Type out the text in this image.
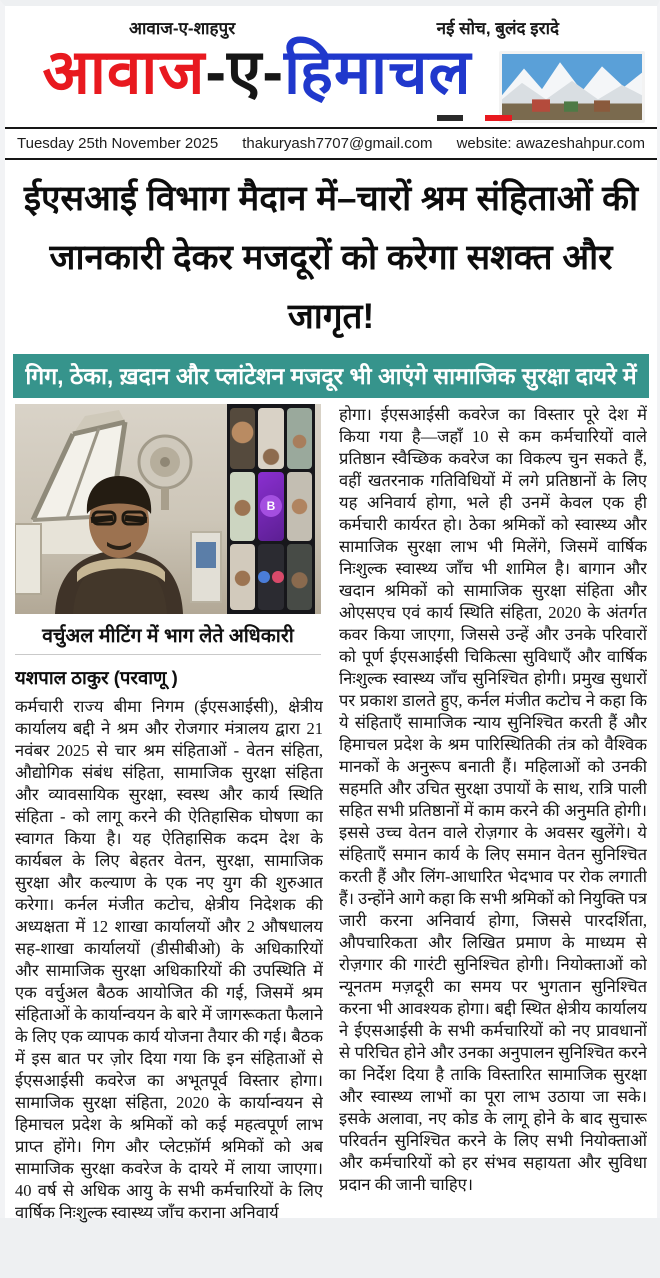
आवाज-ए-शाहपुर	नई सोच, बुलंद इरादे
आवाज-ए-हिमाचल
Tuesday 25th November 2025 thakuryash7707@gmail.com website: awazeshahpur.com
ईएसआई विभाग मैदान में–चारों श्रम संहिताओं की
जानकारी देकर मजदूरों को करेगा सशक्त और जागृत!
गिग, ठेका, ख़दान और प्लांटेशन मजदूर भी आएंगे सामाजिक सुरक्षा दायरे में
B
वर्चुअल मीटिंग में भाग लेते अधिकारी
यशपाल ठाकुर (परवाणू )

कर्मचारी राज्य बीमा निगम (ईएसआईसी), क्षेत्रीय कार्यालय बद्दी ने श्रम और रोजगार मंत्रालय द्वारा 21 नवंबर 2025 से चार श्रम संहिताओं - वेतन संहिता, औद्योगिक संबंध संहिता, सामाजिक सुरक्षा संहिता और व्यावसायिक सुरक्षा, स्वस्थ और कार्य स्थिति संहिता - को लागू करने की ऐतिहासिक घोषणा का स्वागत किया है। यह ऐतिहासिक कदम देश के कार्यबल के लिए बेहतर वेतन, सुरक्षा, सामाजिक सुरक्षा और कल्याण के एक नए युग की शुरुआत करेगा। कर्नल मंजीत कटोच, क्षेत्रीय निदेशक की अध्यक्षता में 12 शाखा कार्यालयों और 2 औषधालय सह-शाखा कार्यालयों (डीसीबीओ) के अधिकारियों और सामाजिक सुरक्षा अधिकारियों की उपस्थिति में एक वर्चुअल बैठक आयोजित की गई, जिसमें श्रम संहिताओं के कार्यान्वयन के बारे में जागरूकता फैलाने के लिए एक व्यापक कार्य योजना तैयार की गई। बैठक में इस बात पर ज़ोर दिया गया कि इन संहिताओं से ईएसआईसी कवरेज का अभूतपूर्व विस्तार होगा। सामाजिक सुरक्षा संहिता, 2020 के कार्यान्वयन से हिमाचल प्रदेश के श्रमिकों को कई महत्वपूर्ण लाभ प्राप्त होंगे। गिग और प्लेटफ़ॉर्म श्रमिकों को अब सामाजिक सुरक्षा कवरेज के दायरे में लाया जाएगा। 40 वर्ष से अधिक आयु के सभी कर्मचारियों के लिए वार्षिक निःशुल्क स्वास्थ्य जाँच कराना अनिवार्य

होगा। ईएसआईसी कवरेज का विस्तार पूरे देश में किया गया है—जहाँ 10 से कम कर्मचारियों वाले प्रतिष्ठान स्वैच्छिक कवरेज का विकल्प चुन सकते हैं, वहीं खतरनाक गतिविधियों में लगे प्रतिष्ठानों के लिए यह अनिवार्य होगा, भले ही उनमें केवल एक ही कर्मचारी कार्यरत हो। ठेका श्रमिकों को स्वास्थ्य और सामाजिक सुरक्षा लाभ भी मिलेंगे, जिसमें वार्षिक निःशुल्क स्वास्थ्य जाँच भी शामिल है। बागान और खदान श्रमिकों को सामाजिक सुरक्षा संहिता और ओएसएच एवं कार्य स्थिति संहिता, 2020 के अंतर्गत कवर किया जाएगा, जिससे उन्हें और उनके परिवारों को पूर्ण ईएसआईसी चिकित्सा सुविधाएँ और वार्षिक निःशुल्क स्वास्थ्य जाँच सुनिश्चित होगी। प्रमुख सुधारों पर प्रकाश डालते हुए, कर्नल मंजीत कटोच ने कहा कि ये संहिताएँ सामाजिक न्याय सुनिश्चित करती हैं और हिमाचल प्रदेश के श्रम पारिस्थितिकी तंत्र को वैश्विक मानकों के अनुरूप बनाती हैं। महिलाओं को उनकी सहमति और उचित सुरक्षा उपायों के साथ, रात्रि पाली सहित सभी प्रतिष्ठानों में काम करने की अनुमति होगी। इससे उच्च वेतन वाले रोज़गार के अवसर खुलेंगे। ये संहिताएँ समान कार्य के लिए समान वेतन सुनिश्चित करती हैं और लिंग-आधारित भेदभाव पर रोक लगाती हैं। उन्होंने आगे कहा कि सभी श्रमिकों को नियुक्ति पत्र जारी करना अनिवार्य होगा, जिससे पारदर्शिता, औपचारिकता और लिखित प्रमाण के माध्यम से रोज़गार की गारंटी सुनिश्चित होगी। नियोक्ताओं को न्यूनतम मज़दूरी का समय पर भुगतान सुनिश्चित करना भी आवश्यक होगा। बद्दी स्थित क्षेत्रीय कार्यालय ने ईएसआईसी के सभी कर्मचारियों को नए प्रावधानों से परिचित होने और उनका अनुपालन सुनिश्चित करने का निर्देश दिया है ताकि विस्तारित सामाजिक सुरक्षा और स्वास्थ्य लाभों का पूरा लाभ उठाया जा सके। इसके अलावा, नए कोड के लागू होने के बाद सुचारू परिवर्तन सुनिश्चित करने के लिए सभी नियोक्ताओं और कर्मचारियों को हर संभव सहायता और सुविधा प्रदान की जानी चाहिए।
